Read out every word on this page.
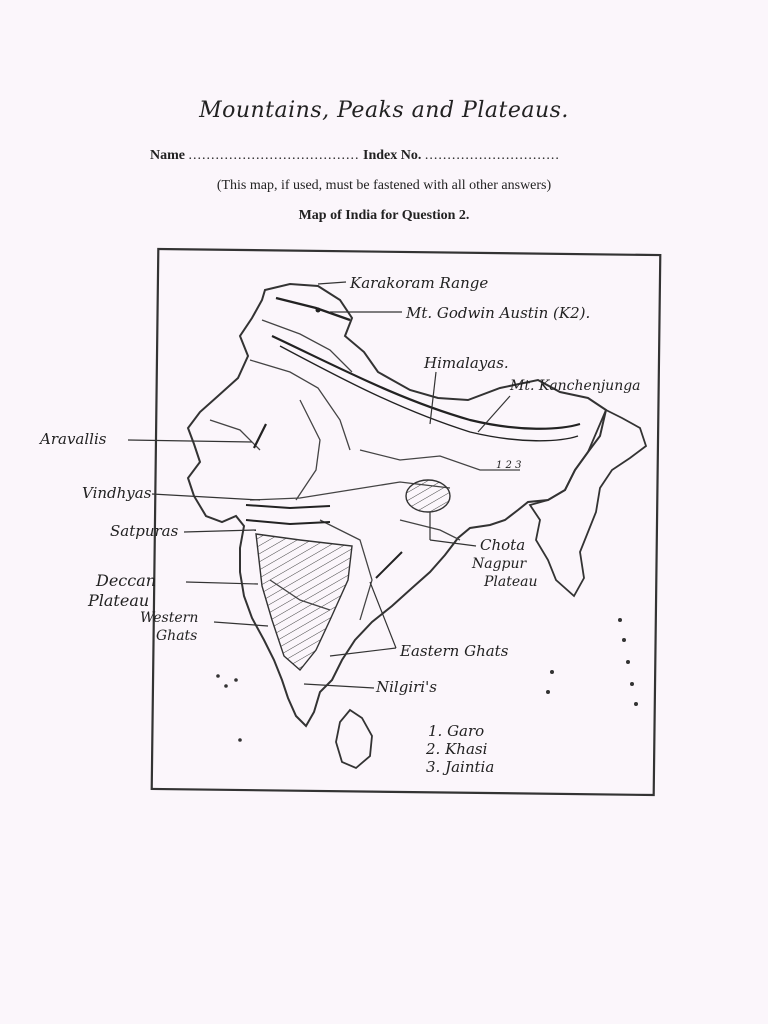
Mountains, Peaks and Plateaus.
Name ...................................... Index No. ..............................
(This map, if used, must be fastened with all other answers)
Map of India for Question 2.
Karakoram Range
Mt. Godwin Austin (K2).
Himalayas.
Mt. Kanchenjunga
Aravallis
Vindhyas
Satpuras
Deccan
Plateau
Western
Ghats
Chota
Nagpur
Plateau
Eastern Ghats
Nilgiri's
1 2 3
1. Garo
2. Khasi
3. Jaintia
